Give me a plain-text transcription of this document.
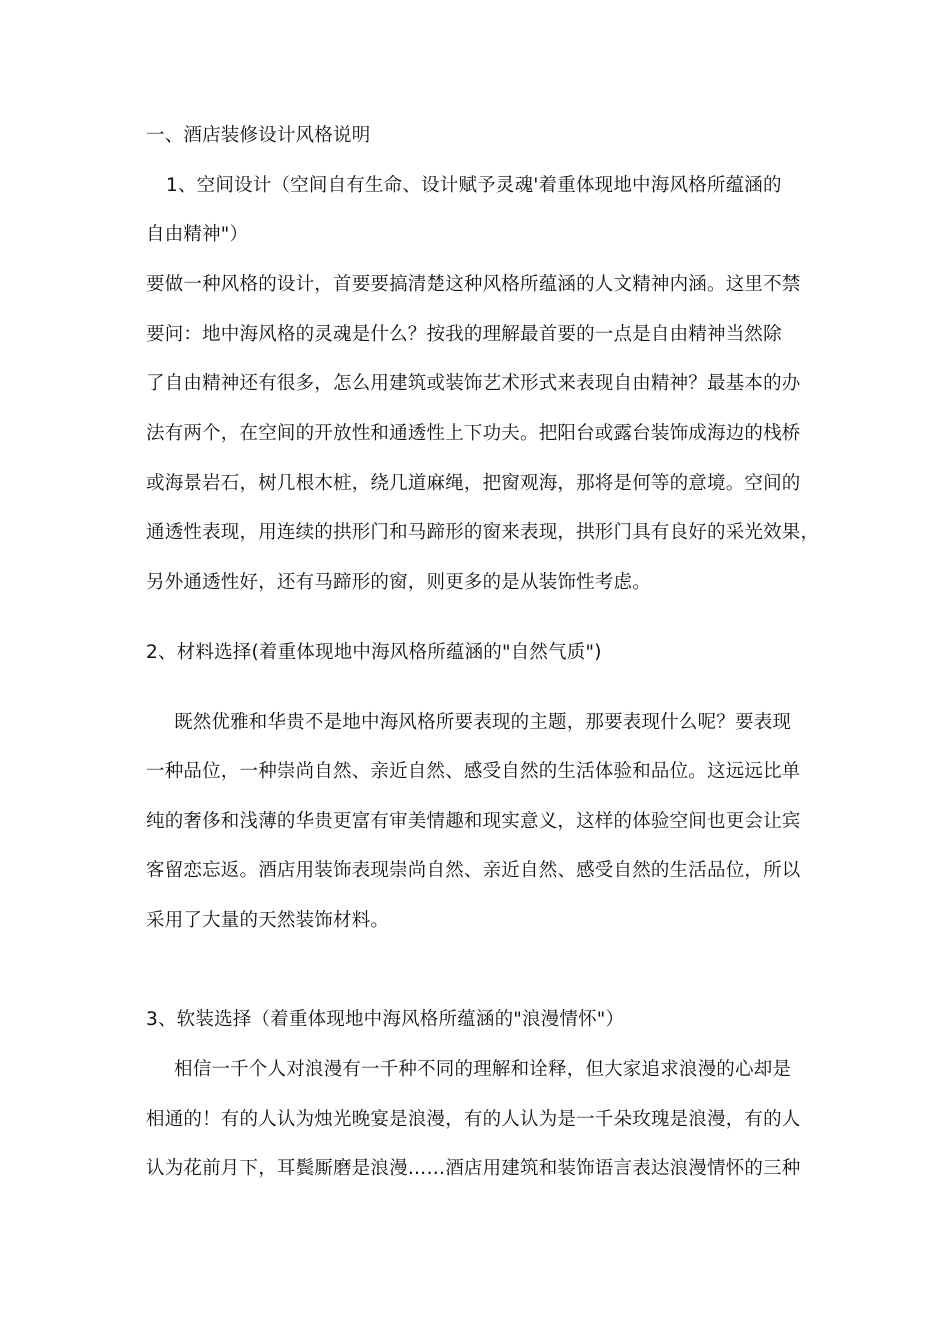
一、酒店装修设计风格说明
1、空间设计（空间自有生命、设计赋予灵魂'着重体现地中海风格所蕴涵的
自由精神"）
要做一种风格的设计，首要要搞清楚这种风格所蕴涵的人文精神内涵。这里不禁
要问：地中海风格的灵魂是什么？按我的理解最首要的一点是自由精神当然除
了自由精神还有很多，怎么用建筑或装饰艺术形式来表现自由精神？最基本的办
法有两个，在空间的开放性和通透性上下功夫。把阳台或露台装饰成海边的栈桥
或海景岩石，树几根木桩，绕几道麻绳，把窗观海，那将是何等的意境。空间的
通透性表现，用连续的拱形门和马蹄形的窗来表现，拱形门具有良好的采光效果，
另外通透性好，还有马蹄形的窗，则更多的是从装饰性考虑。
2、材料选择(着重体现地中海风格所蕴涵的"自然气质")
既然优雅和华贵不是地中海风格所要表现的主题，那要表现什么呢？要表现
一种品位，一种崇尚自然、亲近自然、感受自然的生活体验和品位。这远远比单
纯的奢侈和浅薄的华贵更富有审美情趣和现实意义，这样的体验空间也更会让宾
客留恋忘返。酒店用装饰表现崇尚自然、亲近自然、感受自然的生活品位，所以
采用了大量的天然装饰材料。
3、软装选择（着重体现地中海风格所蕴涵的"浪漫情怀"）
相信一千个人对浪漫有一千种不同的理解和诠释，但大家追求浪漫的心却是
相通的！有的人认为烛光晚宴是浪漫，有的人认为是一千朵玫瑰是浪漫，有的人
认为花前月下，耳鬓厮磨是浪漫……酒店用建筑和装饰语言表达浪漫情怀的三种
